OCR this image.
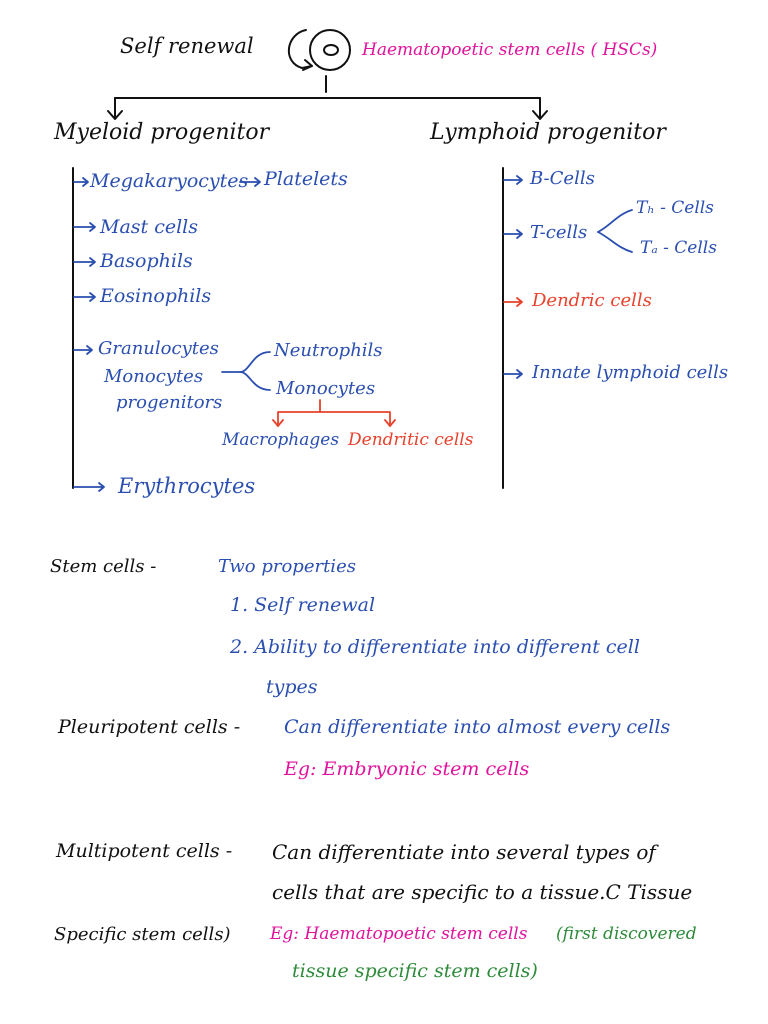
Self renewal	Haematopoetic stem cells ( HSCs)
Myeloid progenitor	Lymphoid progenitor
Megakaryocytes Platelets
Mast cells
Basophils
Eosinophils
Granulocytes
Monocytes
progenitors
Neutrophils
Monocytes
Macrophages Dendritic cells
Erythrocytes
B-Cells
T-cells
Tₕ - Cells
Tₐ - Cells
Dendric cells
Innate lymphoid cells
Stem cells -	Two properties
1. Self renewal
2. Ability to differentiate into different cell
types
Pleuripotent cells - Can differentiate into almost every cells
Eg: Embryonic stem cells
Multipotent cells - Can differentiate into several types of
cells that are specific to a tissue.C Tissue
Specific stem cells) Eg: Haematopoetic stem cells (first discovered
tissue specific stem cells)
